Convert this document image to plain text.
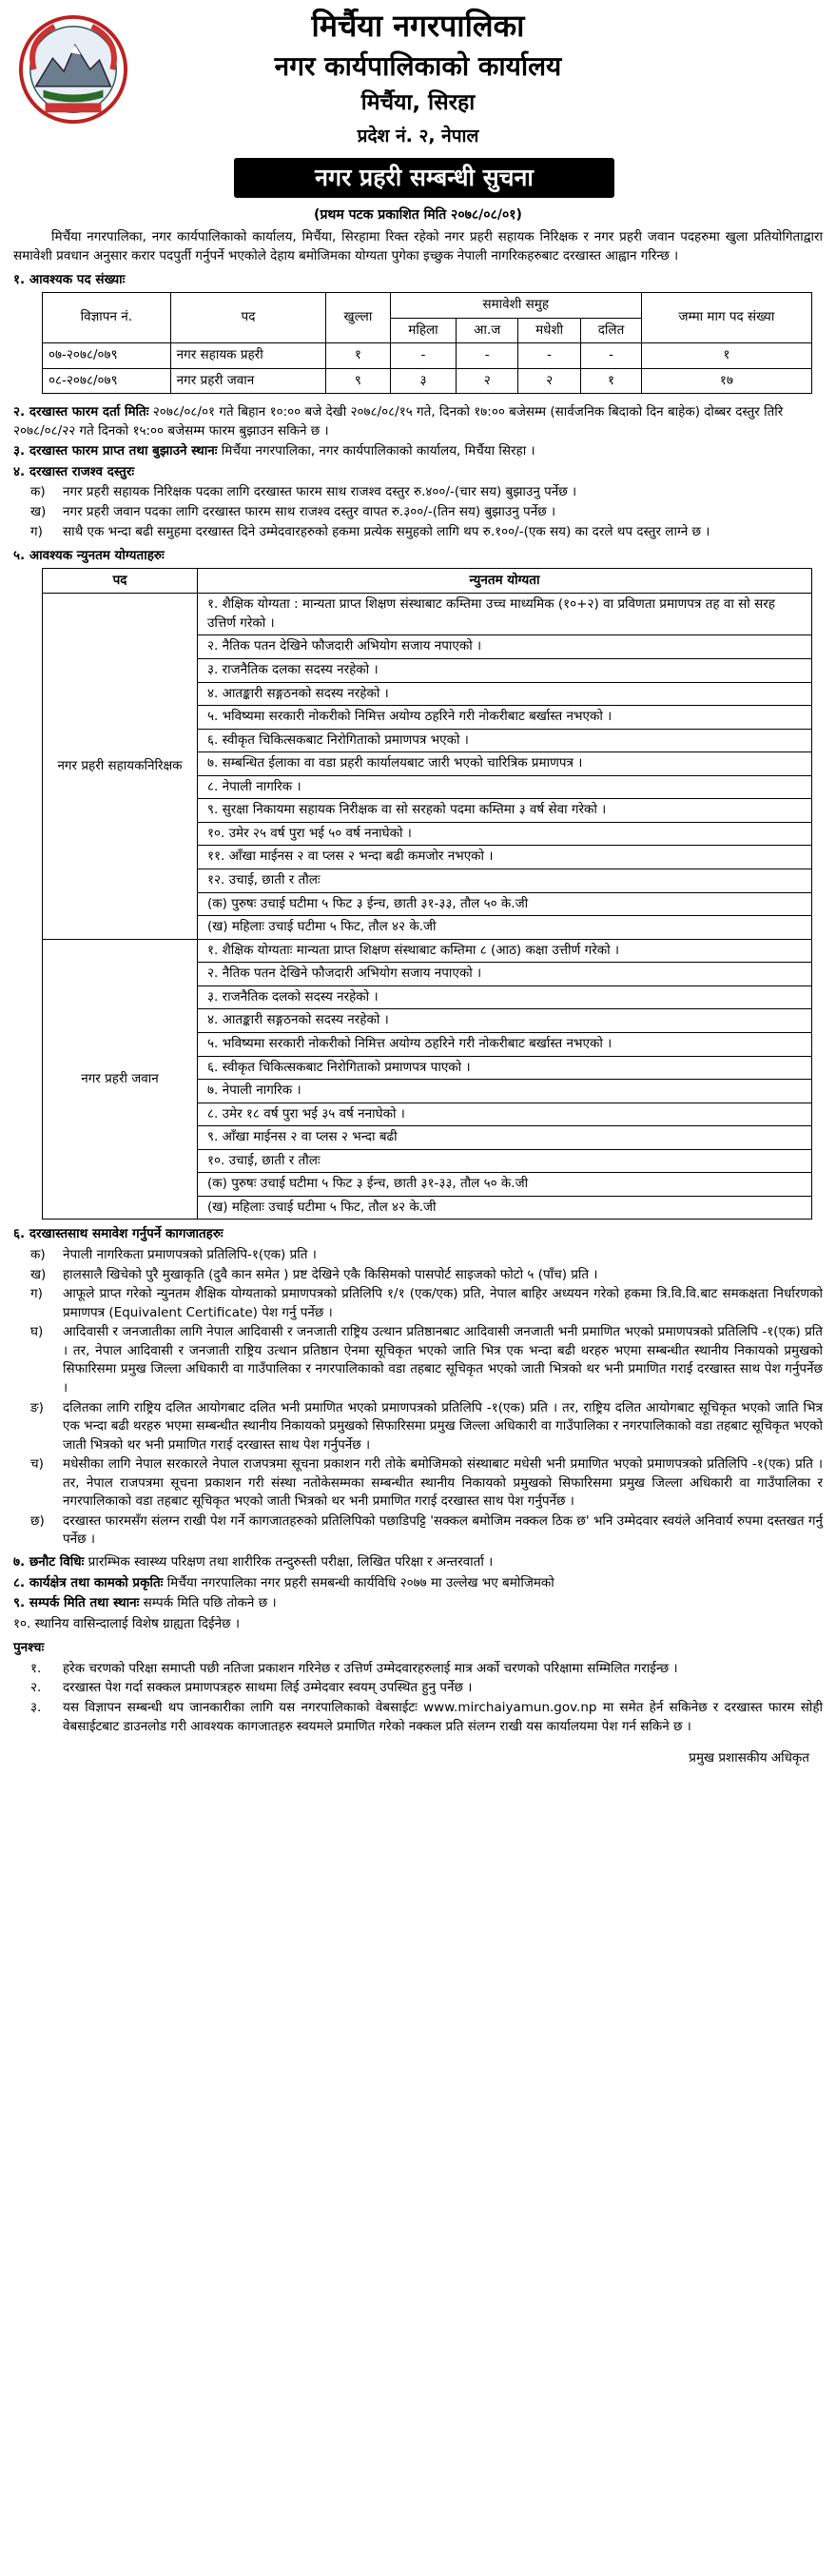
मिर्चैया नगरपालिका
नगर कार्यपालिकाको कार्यालय
मिर्चैया, सिरहा
प्रदेश नं. २, नेपाल
नगर प्रहरी सम्बन्धी सुचना
(प्रथम पटक प्रकाशित मिति २०७८/०८/०१)

मिर्चैया नगरपालिका, नगर कार्यपालिकाको कार्यालय, मिर्चैया, सिरहामा रिक्त रहेको नगर प्रहरी सहायक निरिक्षक र नगर प्रहरी जवान पदहरुमा खुला प्रतियोगिताद्वारा समावेशी प्रवधान अनुसार करार पदपुर्ती गर्नुपर्ने भएकोले देहाय बमोजिमका योग्यता पुगेका इच्छुक नेपाली नागरिकहरुबाट दरखास्त आह्वान गरिन्छ ।

१. आवश्यक पद संख्याः
विज्ञापन नं.	पद	खुल्ला	समावेशी समुह				जम्मा माग पद संख्या
			महिला	आ.ज	मधेशी	दलित	
०७-२०७८/०७९	नगर सहायक प्रहरी	१	-	-	-	-	१
०८-२०७८/०७९	नगर प्रहरी जवान	९	३	२	२	१	१७

२. दरखास्त फारम दर्ता मितिः २०७८/०८/०१ गते बिहान १०:०० बजे देखी २०७८/०८/१५ गते, दिनको १७:०० बजेसम्म (सार्वजनिक बिदाको दिन बाहेक) दोब्बर दस्तुर तिरि २०७८/०८/२२ गते दिनको १५:०० बजेसम्म फारम बुझाउन सकिने छ ।

३. दरखास्त फारम प्राप्त तथा बुझाउने स्थानः मिर्चैया नगरपालिका, नगर कार्यपालिकाको कार्यालय, मिर्चैया सिरहा ।

४. दरखास्त राजश्व दस्तुरः
क)	नगर प्रहरी सहायक निरिक्षक पदका लागि दरखास्त फारम साथ राजश्व दस्तुर रु.४००/-(चार सय) बुझाउनु पर्नेछ ।
ख)	नगर प्रहरी जवान पदका लागि दरखास्त फारम साथ राजश्व दस्तुर वापत रु.३००/-(तिन सय) बुझाउनु पर्नेछ ।
ग)	साथै एक भन्दा बढी समुहमा दरखास्त दिने उम्मेदवारहरुको हकमा प्रत्येक समुहको लागि थप रु.१००/-(एक सय) का दरले थप दस्तुर लाग्ने छ ।
५. आवश्यक न्युनतम योग्यताहरुः
पद	न्युनतम योग्यता
नगर प्रहरी सहायकनिरिक्षक	१. शैक्षिक योग्यता : मान्यता प्राप्त शिक्षण संस्थाबाट कम्तिमा उच्च माध्यमिक (१०+२) वा प्रविणता प्रमाणपत्र तह वा सो सरह उत्तिर्ण गरेको ।
	२. नैतिक पतन देखिने फौजदारी अभियोग सजाय नपाएको ।
	३. राजनैतिक दलका सदस्य नरहेको ।
	४. आतङ्कारी सङ्गठनको सदस्य नरहेको ।
	५. भविष्यमा सरकारी नोकरीको निमित्त अयोग्य ठहरिने गरी नोकरीबाट बर्खास्त नभएको ।
	६. स्वीकृत चिकित्सकबाट निरोगिताको प्रमाणपत्र भएको ।
	७. सम्बन्धित ईलाका वा वडा प्रहरी कार्यालयबाट जारी भएको चारित्रिक प्रमाणपत्र ।
	८. नेपाली नागरिक ।
	९. सुरक्षा निकायमा सहायक निरीक्षक वा सो सरहको पदमा कम्तिमा ३ वर्ष सेवा गरेको ।
	१०. उमेर २५ वर्ष पुरा भई ५० वर्ष ननाघेको ।
	११. आँखा माईनस २ वा प्लस २ भन्दा बढी कमजोर नभएको ।
	१२. उचाई, छाती र तौलः
	(क) पुरुषः उचाई घटीमा ५ फिट ३ ईन्च, छाती ३१-३३, तौल ५० के.जी
	(ख) महिलाः उचाई घटीमा ५ फिट, तौल ४२ के.जी
नगर प्रहरी जवान	१. शैक्षिक योग्यताः मान्यता प्राप्त शिक्षण संस्थाबाट कम्तिमा ८ (आठ) कक्षा उत्तीर्ण गरेको ।
	२. नैतिक पतन देखिने फौजदारी अभियोग सजाय नपाएको ।
	३. राजनैतिक दलको सदस्य नरहेको ।
	४. आतङ्कारी सङ्गठनको सदस्य नरहेको ।
	५. भविष्यमा सरकारी नोकरीको निमित्त अयोग्य ठहरिने गरी नोकरीबाट बर्खास्त नभएको ।
	६. स्वीकृत चिकित्सकबाट निरोगिताको प्रमाणपत्र पाएको ।
	७. नेपाली नागरिक ।
	८. उमेर १८ वर्ष पुरा भई ३५ वर्ष ननाघेको ।
	९. आँखा माईनस २ वा प्लस २ भन्दा बढी
	१०. उचाई, छाती र तौलः
	(क) पुरुषः उचाई घटीमा ५ फिट ३ ईन्च, छाती ३१-३३, तौल ५० के.जी
	(ख) महिलाः उचाई घटीमा ५ फिट, तौल ४२ के.जी
६. दरखास्तसाथ समावेश गर्नुपर्ने कागजातहरुः
क)	नेपाली नागरिकता प्रमाणपत्रको प्रतिलिपि-१(एक) प्रति ।
ख)	हालसालै खिचेको पुरै मुखाकृति (दुवै कान समेत ) प्रष्ट देखिने एकै किसिमको पासपोर्ट साइजको फोटो ५ (पाँच) प्रति ।
ग)	आफूले प्राप्त गरेको न्युनतम शैक्षिक योग्यताको प्रमाणपत्रको प्रतिलिपि १/१ (एक/एक) प्रति, नेपाल बाहिर अध्ययन गरेको हकमा त्रि.वि.वि.बाट समकक्षता निर्धारणको प्रमाणपत्र (Equivalent Certificate) पेश गर्नु पर्नेछ ।
घ)	आदिवासी र जनजातीका लागि नेपाल आदिवासी र जनजाती राष्ट्रिय उत्थान प्रतिष्ठानबाट आदिवासी जनजाती भनी प्रमाणित भएको प्रमाणपत्रको प्रतिलिपि -१(एक) प्रति । तर, नेपाल आदिवासी र जनजाती राष्ट्रिय उत्थान प्रतिष्ठान ऐनमा सूचिकृत भएको जाति भित्र एक भन्दा बढी थरहरु भएमा सम्बन्धीत स्थानीय निकायको प्रमुखको सिफारिसमा प्रमुख जिल्ला अधिकारी वा गाउँपालिका र नगरपालिकाको वडा तहबाट सूचिकृत भएको जाती भित्रको थर भनी प्रमाणित गराई दरखास्त साथ पेश गर्नुपर्नेछ ।
ङ)	दलितका लागि राष्ट्रिय दलित आयोगबाट दलित भनी प्रमाणित भएको प्रमाणपत्रको प्रतिलिपि -१(एक) प्रति । तर, राष्ट्रिय दलित आयोगबाट सूचिकृत भएको जाति भित्र एक भन्दा बढी थरहरु भएमा सम्बन्धीत स्थानीय निकायको प्रमुखको सिफारिसमा प्रमुख जिल्ला अधिकारी वा गाउँपालिका र नगरपालिकाको वडा तहबाट सूचिकृत भएको जाती भित्रको थर भनी प्रमाणित गराई दरखास्त साथ पेश गर्नुपर्नेछ ।
च)	मधेसीका लागि नेपाल सरकारले नेपाल राजपत्रमा सूचना प्रकाशन गरी तोके बमोजिमको संस्थाबाट मधेसी भनी प्रमाणित भएको प्रमाणपत्रको प्रतिलिपि -१(एक) प्रति । तर, नेपाल राजपत्रमा सूचना प्रकाशन गरी संस्था नतोकेसम्मका सम्बन्धीत स्थानीय निकायको प्रमुखको सिफारिसमा प्रमुख जिल्ला अधिकारी वा गाउँपालिका र नगरपालिकाको वडा तहबाट सूचिकृत भएको जाती भित्रको थर भनी प्रमाणित गराई दरखास्त साथ पेश गर्नुपर्नेछ ।
छ)	दरखास्त फारमसँग संलग्न राखी पेश गर्ने कागजातहरुको प्रतिलिपिको पछाडिपट्टि 'सक्कल बमोजिम नक्कल ठिक छ' भनि उम्मेदवार स्वयंले अनिवार्य रुपमा दस्तखत गर्नु पर्नेछ ।

७. छनौट विधिः प्रारम्भिक स्वास्थ्य परिक्षण तथा शारीरिक तन्दुरुस्ती परीक्षा, लिखित परिक्षा र अन्तरवार्ता ।

८. कार्यक्षेत्र तथा कामको प्रकृतिः मिर्चैया नगरपालिका नगर प्रहरी समबन्धी कार्यविधि २०७७ मा उल्लेख भए बमोजिमको

९. सम्पर्क मिति तथा स्थानः सम्पर्क मिति पछि तोकने छ ।

१०. स्थानिय वासिन्दालाई विशेष ग्राह्यता दिईनेछ ।

पुनश्चः
१.	हरेक चरणको परिक्षा समाप्ती पछी नतिजा प्रकाशन गरिनेछ र उत्तिर्ण उम्मेदवारहरुलाई मात्र अर्को चरणको परिक्षामा सम्मिलित गराईन्छ ।
२.	दरखास्त पेश गर्दा सक्कल प्रमाणपत्रहरु साथमा लिई उम्मेदवार स्वयम् उपस्थित हुनु पर्नेछ ।
३.	यस विज्ञापन सम्बन्धी थप जानकारीका लागि यस नगरपालिकाको वेबसाईटः www.mirchaiyamun.gov.np मा समेत हेर्न सकिनेछ र दरखास्त फारम सोही वेबसाईटबाट डाउनलोड गरी आवश्यक कागजातहरु स्वयमले प्रमाणित गरेको नक्कल प्रति संलग्न राखी यस कार्यालयमा पेश गर्न सकिने छ ।
प्रमुख प्रशासकीय अधिकृत
